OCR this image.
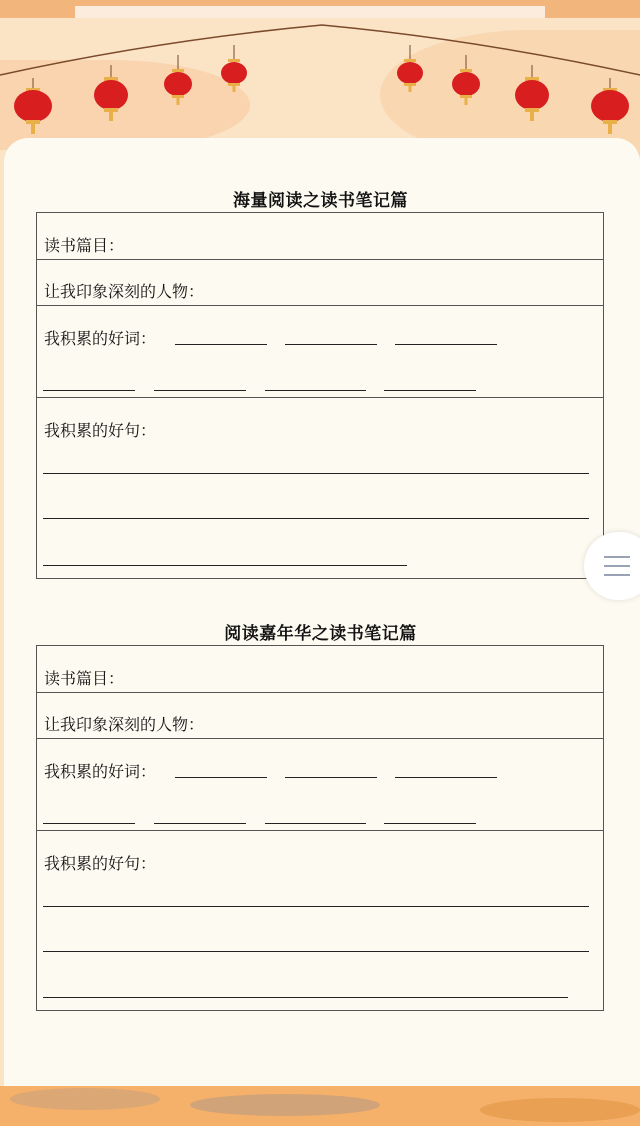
海量阅读之读书笔记篇
读书篇目：
让我印象深刻的人物：
我积累的好词：
我积累的好句：
阅读嘉年华之读书笔记篇
读书篇目：
让我印象深刻的人物：
我积累的好词：
我积累的好句：
